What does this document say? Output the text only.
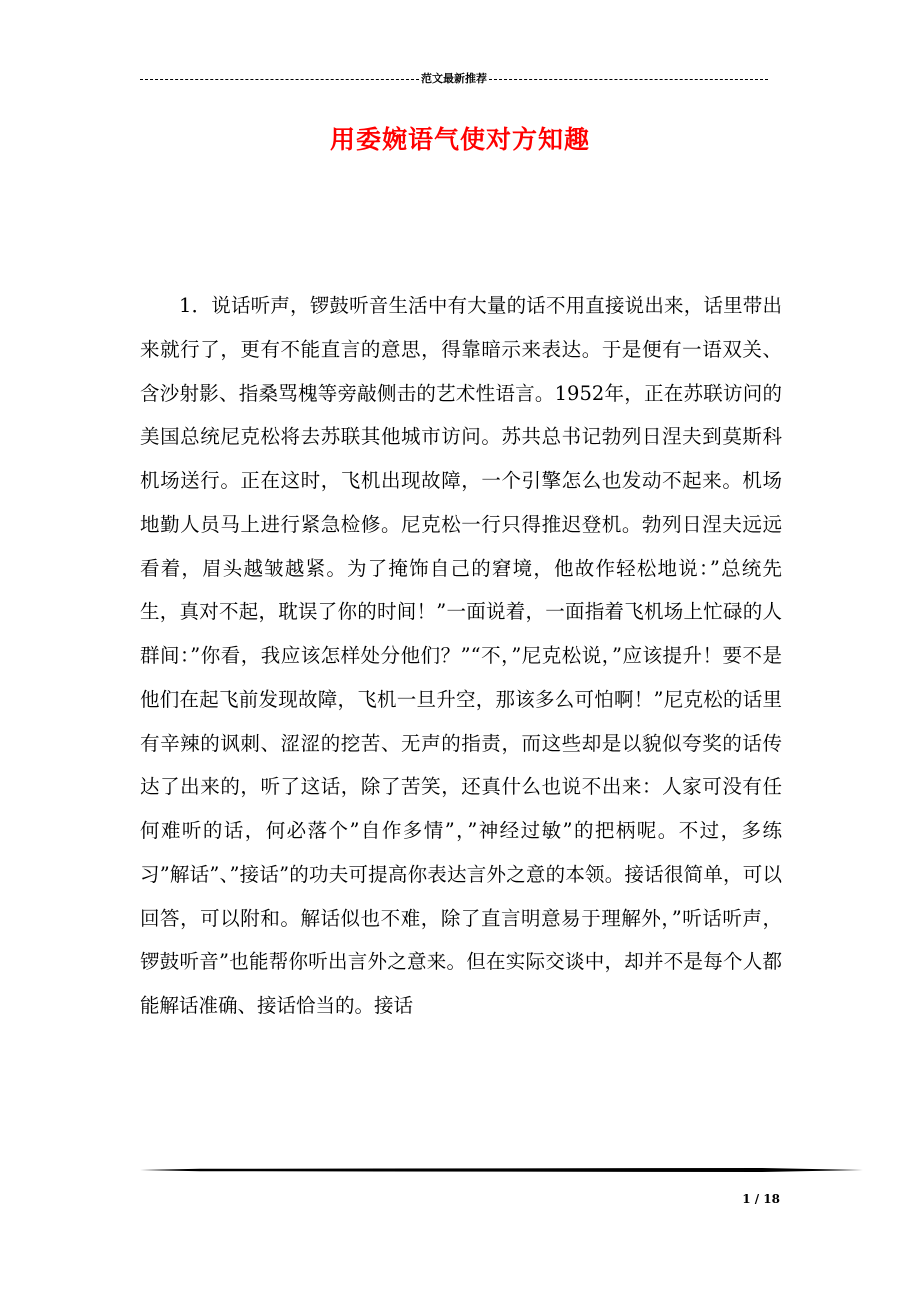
范文最新推荐
用委婉语气使对方知趣

1．说话听声，锣鼓听音生活中有大量的话不用直接说出来，话里带出来就行了，更有不能直言的意思，得靠暗示来表达。于是便有一语双关、含沙射影、指桑骂槐等旁敲侧击的艺术性语言。1952年，正在苏联访问的美国总统尼克松将去苏联其他城市访问。苏共总书记勃列日涅夫到莫斯科机场送行。正在这时，飞机出现故障，一个引擎怎么也发动不起来。机场地勤人员马上进行紧急检修。尼克松一行只得推迟登机。勃列日涅夫远远看着，眉头越皱越紧。为了掩饰自己的窘境，他故作轻松地说：”总统先生，真对不起，耽误了你的时间！”一面说着，一面指着飞机场上忙碌的人群间：”你看，我应该怎样处分他们？”“不，”尼克松说，”应该提升！要不是他们在起飞前发现故障，飞机一旦升空，那该多么可怕啊！”尼克松的话里有辛辣的讽刺、涩涩的挖苦、无声的指责，而这些却是以貌似夸奖的话传达了出来的，听了这话，除了苦笑，还真什么也说不出来：人家可没有任何难听的话，何必落个”自作多情”，”神经过敏”的把柄呢。不过，多练习”解话”、”接话”的功夫可提高你表达言外之意的本领。接话很简单，可以回答，可以附和。解话似也不难，除了直言明意易于理解外，”听话听声，锣鼓听音”也能帮你听出言外之意来。但在实际交谈中，却并不是每个人都能解话准确、接话恰当的。接话

1 / 18
